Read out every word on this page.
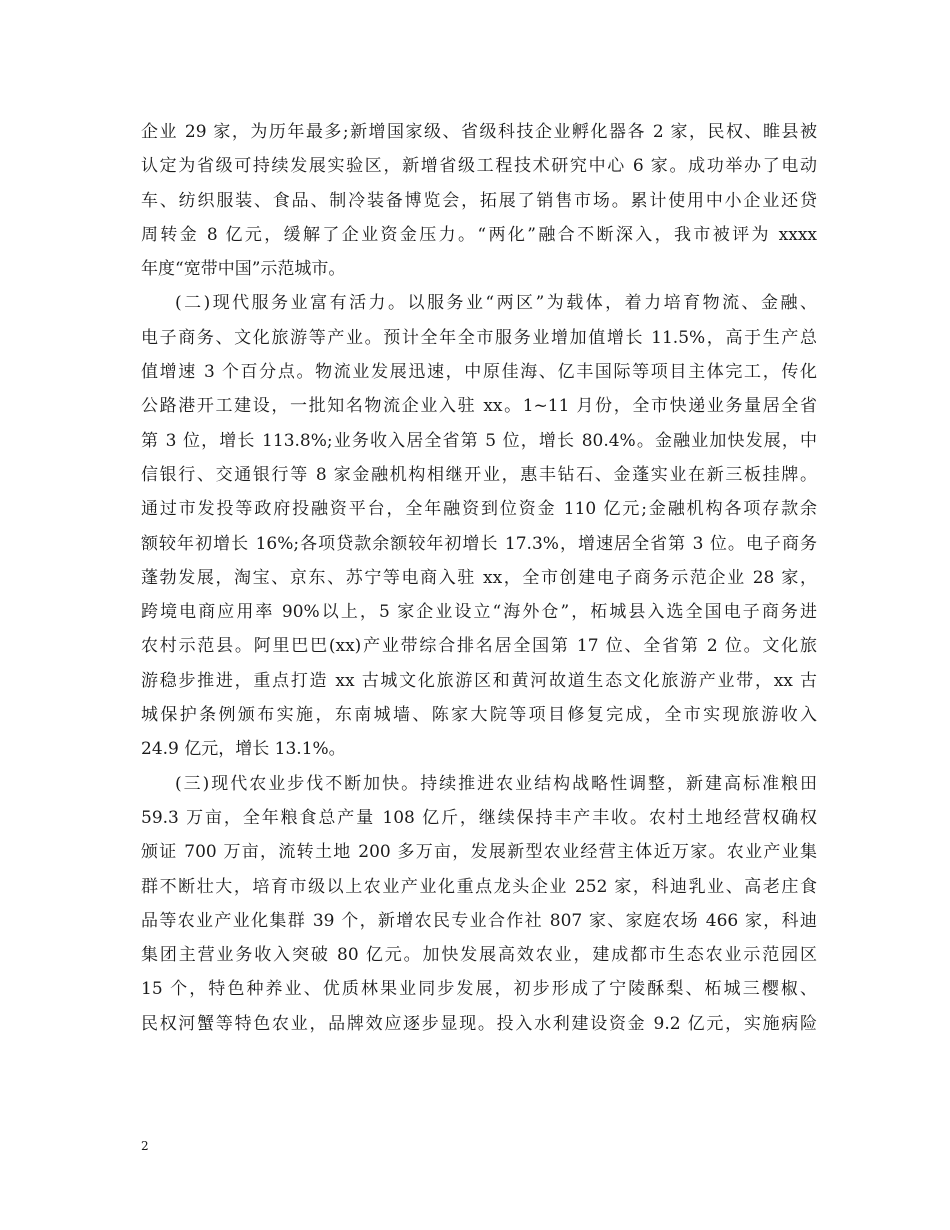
企业 29 家，为历年最多;新增国家级、省级科技企业孵化器各 2 家，民权、睢县被
认定为省级可持续发展实验区，新增省级工程技术研究中心 6 家。成功举办了电动
车、纺织服装、食品、制冷装备博览会，拓展了销售市场。累计使用中小企业还贷
周转金 8 亿元，缓解了企业资金压力。“两化”融合不断深入，我市被评为 xxxx
年度“宽带中国”示范城市。
(二)现代服务业富有活力。以服务业“两区”为载体，着力培育物流、金融、
电子商务、文化旅游等产业。预计全年全市服务业增加值增长 11.5%，高于生产总
值增速 3 个百分点。物流业发展迅速，中原佳海、亿丰国际等项目主体完工，传化
公路港开工建设，一批知名物流企业入驻 xx。1~11 月份，全市快递业务量居全省
第 3 位，增长 113.8%;业务收入居全省第 5 位，增长 80.4%。金融业加快发展，中
信银行、交通银行等 8 家金融机构相继开业，惠丰钻石、金蓬实业在新三板挂牌。
通过市发投等政府投融资平台，全年融资到位资金 110 亿元;金融机构各项存款余
额较年初增长 16%;各项贷款余额较年初增长 17.3%，增速居全省第 3 位。电子商务
蓬勃发展，淘宝、京东、苏宁等电商入驻 xx，全市创建电子商务示范企业 28 家，
跨境电商应用率 90%以上，5 家企业设立“海外仓”，柘城县入选全国电子商务进
农村示范县。阿里巴巴(xx)产业带综合排名居全国第 17 位、全省第 2 位。文化旅
游稳步推进，重点打造 xx 古城文化旅游区和黄河故道生态文化旅游产业带，xx 古
城保护条例颁布实施，东南城墙、陈家大院等项目修复完成，全市实现旅游收入
24.9 亿元，增长 13.1%。
(三)现代农业步伐不断加快。持续推进农业结构战略性调整，新建高标准粮田
59.3 万亩，全年粮食总产量 108 亿斤，继续保持丰产丰收。农村土地经营权确权
颁证 700 万亩，流转土地 200 多万亩，发展新型农业经营主体近万家。农业产业集
群不断壮大，培育市级以上农业产业化重点龙头企业 252 家，科迪乳业、高老庄食
品等农业产业化集群 39 个，新增农民专业合作社 807 家、家庭农场 466 家，科迪
集团主营业务收入突破 80 亿元。加快发展高效农业，建成都市生态农业示范园区
15 个，特色种养业、优质林果业同步发展，初步形成了宁陵酥梨、柘城三樱椒、
民权河蟹等特色农业，品牌效应逐步显现。投入水利建设资金 9.2 亿元，实施病险
2
